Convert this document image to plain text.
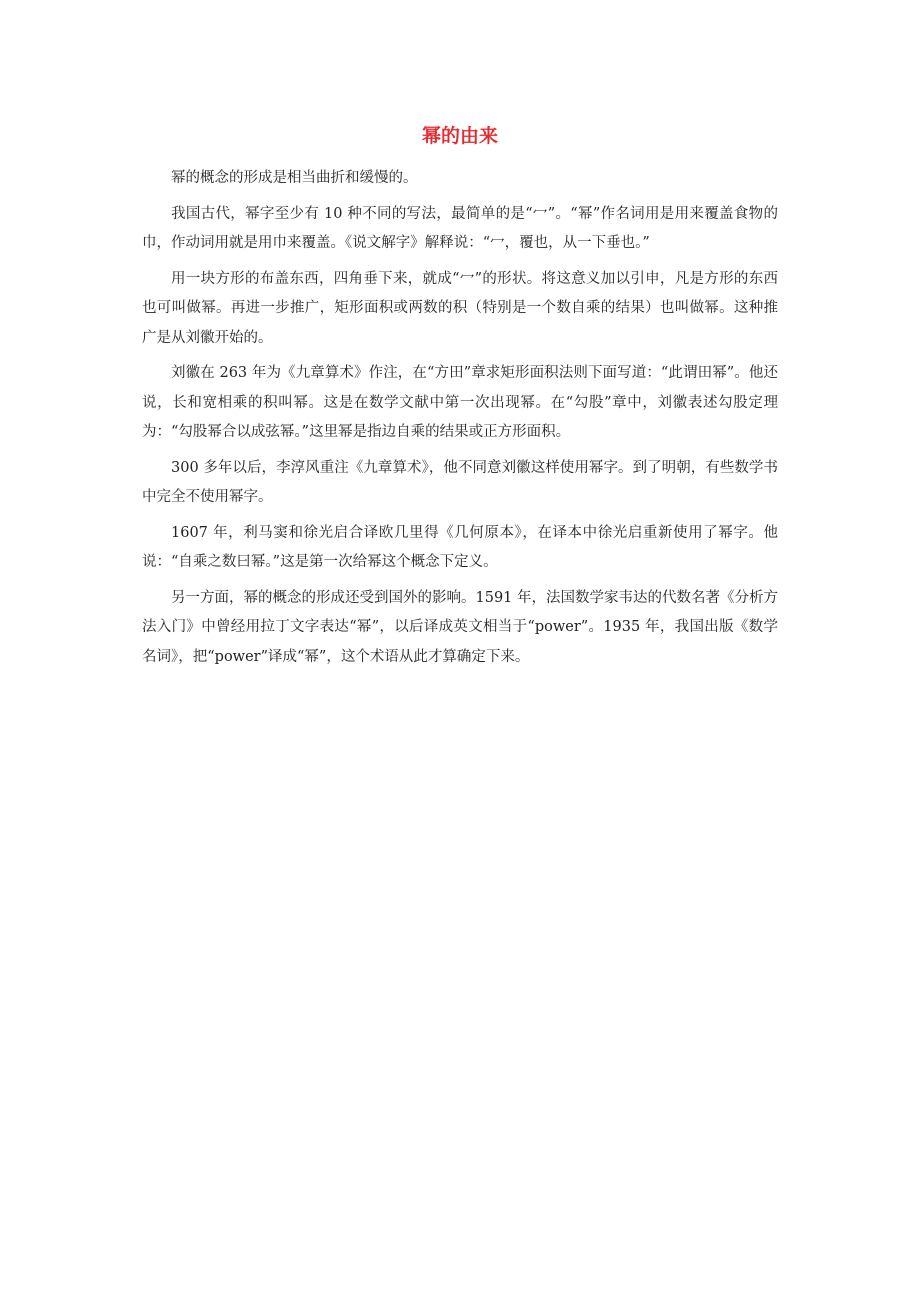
幂的由来

幂的概念的形成是相当曲折和缓慢的。

我国古代，幂字至少有 10 种不同的写法，最简单的是“冖”。“幂”作名词用是用来覆盖食物的巾，作动词用就是用巾来覆盖。《说文解字》解释说：“冖，覆也，从一下垂也。”

用一块方形的布盖东西，四角垂下来，就成“冖”的形状。将这意义加以引申，凡是方形的东西也可叫做幂。再进一步推广，矩形面积或两数的积（特别是一个数自乘的结果）也叫做幂。这种推广是从刘徽开始的。

刘徽在 263 年为《九章算术》作注，在“方田”章求矩形面积法则下面写道：“此谓田幂”。他还说，长和宽相乘的积叫幂。这是在数学文献中第一次出现幂。在“勾股”章中，刘徽表述勾股定理为：“勾股幂合以成弦幂。”这里幂是指边自乘的结果或正方形面积。

300 多年以后，李淳风重注《九章算术》，他不同意刘徽这样使用幂字。到了明朝，有些数学书中完全不使用幂字。

1607 年，利马窦和徐光启合译欧几里得《几何原本》，在译本中徐光启重新使用了幂字。他说：“自乘之数曰幂。”这是第一次给幂这个概念下定义。

另一方面，幂的概念的形成还受到国外的影响。1591 年，法国数学家韦达的代数名著《分析方法入门》中曾经用拉丁文字表达“幂”，以后译成英文相当于“power”。1935 年，我国出版《数学名词》，把“power”译成“幂”，这个术语从此才算确定下来。
